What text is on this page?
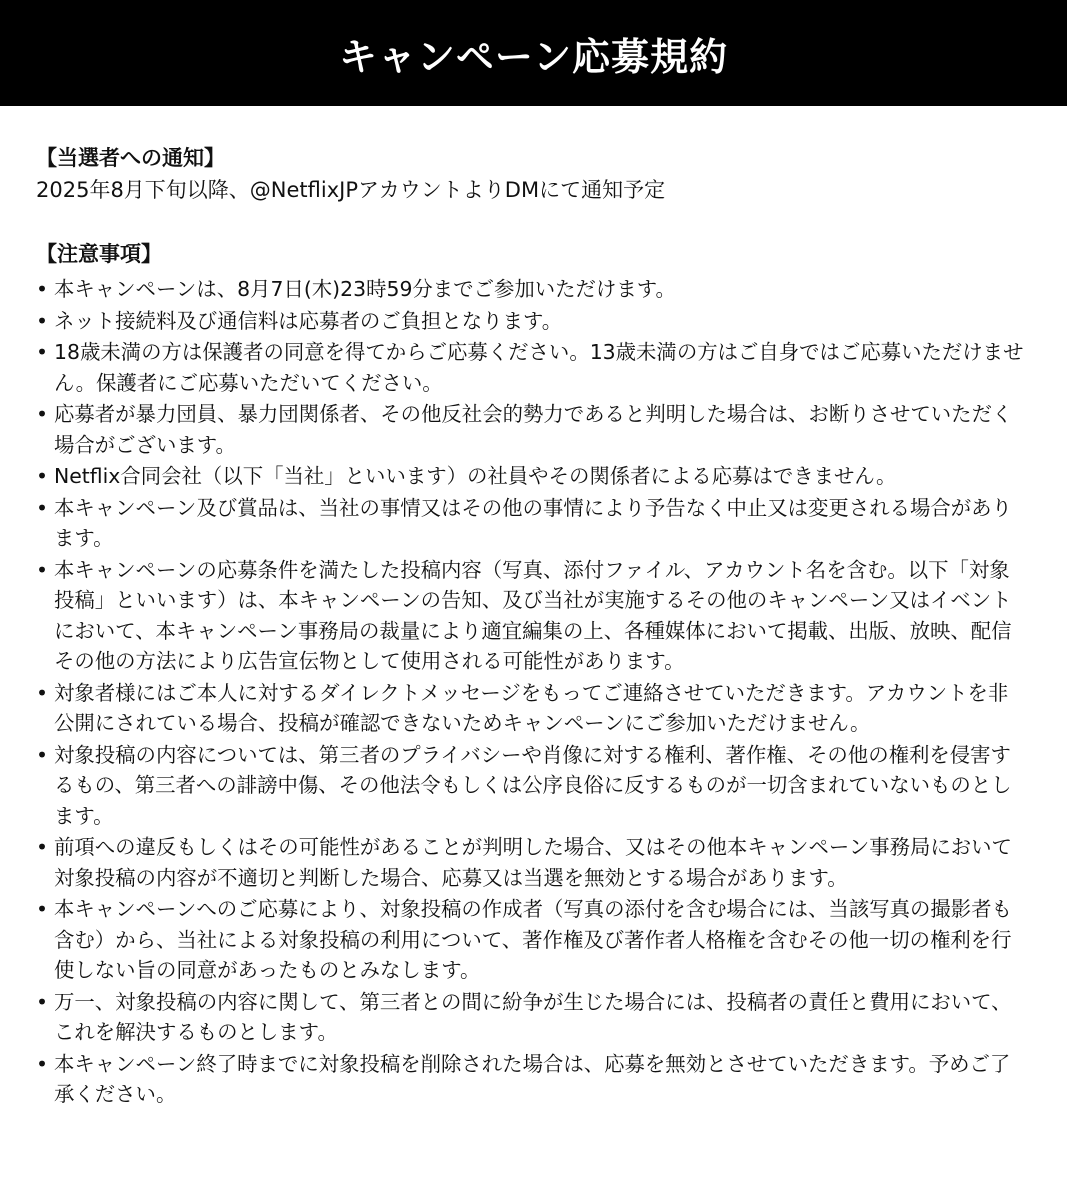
キャンペーン応募規約

【当選者への通知】

2025年8月下旬以降、@NetflixJPアカウントよりDMにて通知予定

【注意事項】

• 本キャンペーンは、8月7日(木)23時59分までご参加いただけます。
• ネット接続料及び通信料は応募者のご負担となります。
• 18歳未満の方は保護者の同意を得てからご応募ください。13歳未満の方はご自身ではご応募いただけません。保護者にご応募いただいてください。
• 応募者が暴力団員、暴力団関係者、その他反社会的勢力であると判明した場合は、お断りさせていただく場合がございます。
• Netflix合同会社（以下「当社」といいます）の社員やその関係者による応募はできません。
• 本キャンペーン及び賞品は、当社の事情又はその他の事情により予告なく中止又は変更される場合があります。
• 本キャンペーンの応募条件を満たした投稿内容（写真、添付ファイル、アカウント名を含む。以下「対象投稿」といいます）は、本キャンペーンの告知、及び当社が実施するその他のキャンペーン又はイベントにおいて、本キャンペーン事務局の裁量により適宜編集の上、各種媒体において掲載、出版、放映、配信その他の方法により広告宣伝物として使用される可能性があります。
• 対象者様にはご本人に対するダイレクトメッセージをもってご連絡させていただきます。アカウントを非公開にされている場合、投稿が確認できないためキャンペーンにご参加いただけません。
• 対象投稿の内容については、第三者のプライバシーや肖像に対する権利、著作権、その他の権利を侵害するもの、第三者への誹謗中傷、その他法令もしくは公序良俗に反するものが一切含まれていないものとします。
• 前項への違反もしくはその可能性があることが判明した場合、又はその他本キャンペーン事務局において対象投稿の内容が不適切と判断した場合、応募又は当選を無効とする場合があります。
• 本キャンペーンへのご応募により、対象投稿の作成者（写真の添付を含む場合には、当該写真の撮影者も含む）から、当社による対象投稿の利用について、著作権及び著作者人格権を含むその他一切の権利を行使しない旨の同意があったものとみなします。
• 万一、対象投稿の内容に関して、第三者との間に紛争が生じた場合には、投稿者の責任と費用において、これを解決するものとします。
• 本キャンペーン終了時までに対象投稿を削除された場合は、応募を無効とさせていただきます。予めご了承ください。
